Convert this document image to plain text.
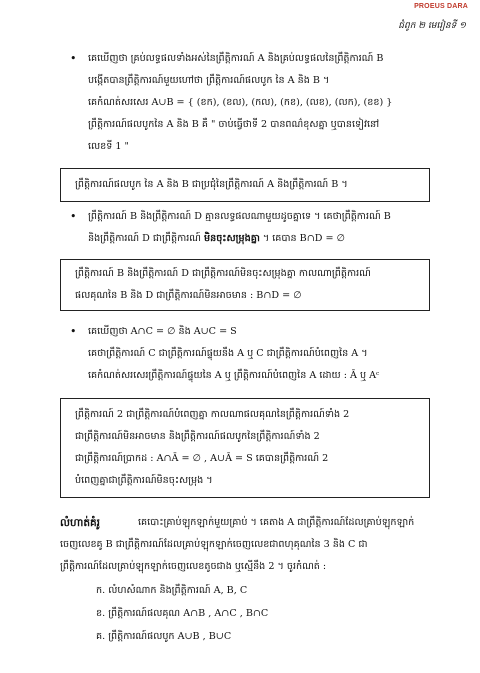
PROEUS DARA
ជំពូក ២ មេរៀនទី ១
• គេឃើញថា គ្រប់លទ្ធផលទាំងអស់នៃព្រឹត្តិការណ៍ A និងគ្រប់លទ្ធផលនៃព្រឹត្តិការណ៍ B
បង្កើតបានព្រឹត្តិការណ៍មួយហៅថា ព្រឹត្តិការណ៍ផលបូក នៃ A និង B ។
គេកំណត់សរសេរ A∪B = { (ខក), (ខល), (កល), (កខ), (លខ), (លក), (ខខ) }
ព្រឹត្តិការណ៍ផលបូកនៃ A និង B គឺ " ចាប់ធ្វើថាទី 2 បានពណ៌ខុសគ្នា ឬបានទៀវនៅ
លេខទី 1 "
ព្រឹត្តិការណ៍ផលបូក នៃ A និង B ជាប្រជុំនៃព្រឹត្តិការណ៍ A និងព្រឹត្តិការណ៍ B ។
• ព្រឹត្តិការណ៍ B និងព្រឹត្តិការណ៍ D គ្មានលទ្ធផលណាមួយដូចគ្នាទេ ។ គេថាព្រឹត្តិការណ៍ B
និងព្រឹត្តិការណ៍ D ជាព្រឹត្តិការណ៍ មិនចុះសម្រុងគ្នា ។ គេបាន B∩D = ∅
ព្រឹត្តិការណ៍ B និងព្រឹត្តិការណ៍ D ជាព្រឹត្តិការណ៍មិនចុះសម្រុងគ្នា កាលណាព្រឹត្តិការណ៍
ផលគុណនៃ B និង D ជាព្រឹត្តិការណ៍មិនអាចមាន : B∩D = ∅
• គេឃើញថា A∩C = ∅ និង A∪C = S
គេថាព្រឹត្តិការណ៍ C ជាព្រឹត្តិការណ៍ផ្ទុយនឹង A ឬ C ជាព្រឹត្តិការណ៍បំពេញនៃ A ។
គេកំណត់សរសេរព្រឹត្តិការណ៍ផ្ទុយនៃ A ឬ ព្រឹត្តិការណ៍បំពេញនៃ A ដោយ : Ā ឬ Aᶜ
ព្រឹត្តិការណ៍ 2 ជាព្រឹត្តិការណ៍បំពេញគ្នា កាលណាផលគុណនៃព្រឹត្តិការណ៍ទាំង 2
ជាព្រឹត្តិការណ៍មិនអាចមាន និងព្រឹត្តិការណ៍ផលបូកនៃព្រឹត្តិការណ៍ទាំង 2
ជាព្រឹត្តិការណ៍ប្រាកដ : A∩Ā = ∅ , A∪Ā = S គេបានព្រឹត្តិការណ៍ 2
បំពេញគ្នាជាព្រឹត្តិការណ៍មិនចុះសម្រុង ។
លំហាត់គំរូ	គេបោះគ្រាប់ឡុកឡាក់មួយគ្រាប់ ។ គេតាង A ជាព្រឹត្តិការណ៍ដែលគ្រាប់ឡុកឡាក់
ចេញលេខគូ B ជាព្រឹត្តិការណ៍ដែលគ្រាប់ឡុកឡាក់ចេញលេខជាពហុគុណនៃ 3 និង C ជា
ព្រឹត្តិការណ៍ដែលគ្រាប់ឡុកឡាក់ចេញលេខតូចជាង ឬស្មើនឹង 2 ។ ចូរកំណត់ :
ក. លំហសំណាក និងព្រឹត្តិការណ៍ A, B, C
ខ. ព្រឹត្តិការណ៍ផលគុណ A∩B , A∩C , B∩C
គ. ព្រឹត្តិការណ៍ផលបូក A∪B , B∪C
